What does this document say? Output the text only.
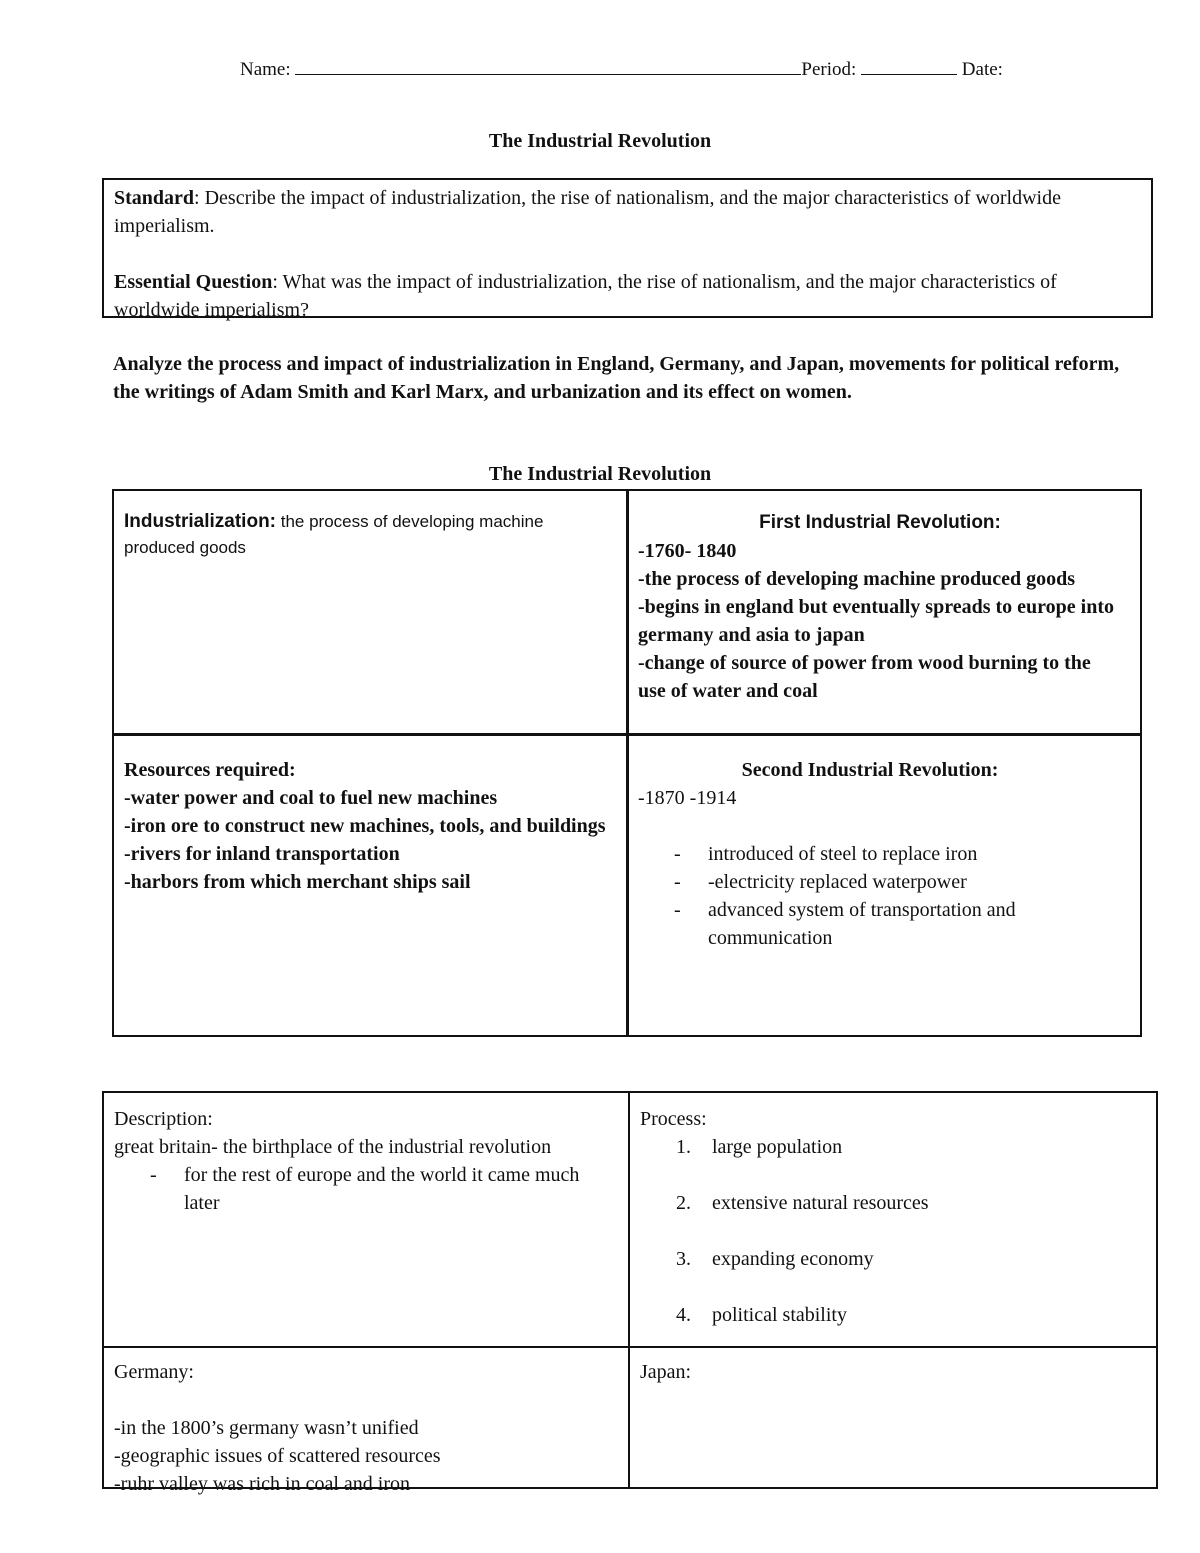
Name:	Period:	Date:
The Industrial Revolution

Standard: Describe the impact of industrialization, the rise of nationalism, and the major characteristics of worldwide imperialism.

Essential Question: What was the impact of industrialization, the rise of nationalism, and the major characteristics of worldwide imperialism?

Analyze the process and impact of industrialization in England, Germany, and Japan, movements for political reform, the writings of Adam Smith and Karl Marx, and urbanization and its effect on women.
The Industrial Revolution
Industrialization: the process of developing machine produced goods
First Industrial Revolution:
-1760- 1840
-the process of developing machine produced goods
-begins in england but eventually spreads to europe into germany and asia to japan
-change of source of power from wood burning to the use of water and coal
Resources required:
-water power and coal to fuel new machines
-iron ore to construct new machines, tools, and buildings
-rivers for inland transportation
-harbors from which merchant ships sail
Second Industrial Revolution:
-1870 -1914
- introduced of steel to replace iron
- -electricity replaced waterpower
- advanced system of transportation and communication
Description:
great britain- the birthplace of the industrial revolution
- for the rest of europe and the world it came much later
Process:
1. large population
2. extensive natural resources
3. expanding economy
4. political stability
Germany:
-in the 1800’s germany wasn’t unified
-geographic issues of scattered resources
-ruhr valley was rich in coal and iron
Japan:
